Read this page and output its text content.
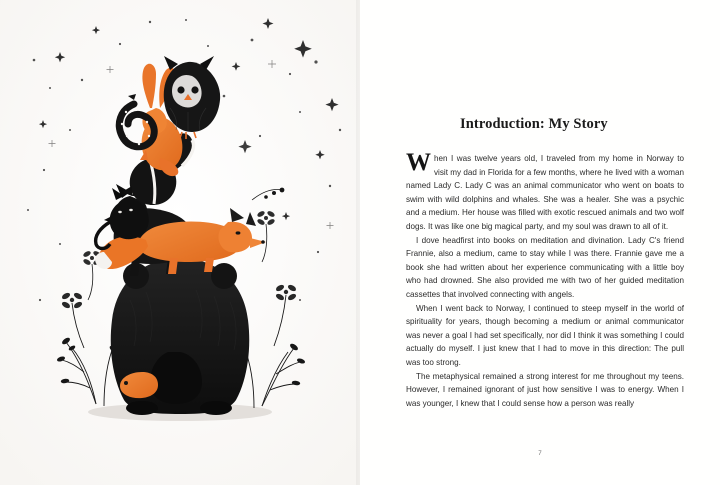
Introduction: My Story

When I was twelve years old, I traveled from my home in Norway to visit my dad in Florida for a few months, where he lived with a woman named Lady C. Lady C was an animal communicator who went on boats to swim with wild dolphins and whales. She was a healer. She was a psychic and a medium. Her house was filled with exotic rescued animals and two wolf dogs. It was like one big magical party, and my soul was drawn to all of it.

I dove headfirst into books on meditation and divination. Lady C's friend Frannie, also a medium, came to stay while I was there. Frannie gave me a book she had written about her experience communicating with a little boy who had drowned. She also provided me with two of her guided meditation cassettes that involved connecting with angels.

When I went back to Norway, I continued to steep myself in the world of spirituality for years, though becoming a medium or animal communicator was never a goal I had set specifically, nor did I think it was something I could actually do myself. I just knew that I had to move in this direction: The pull was too strong.

The metaphysical remained a strong interest for me throughout my teens. However, I remained ignorant of just how sensitive I was to energy. When I was younger, I knew that I could sense how a person was really

7
